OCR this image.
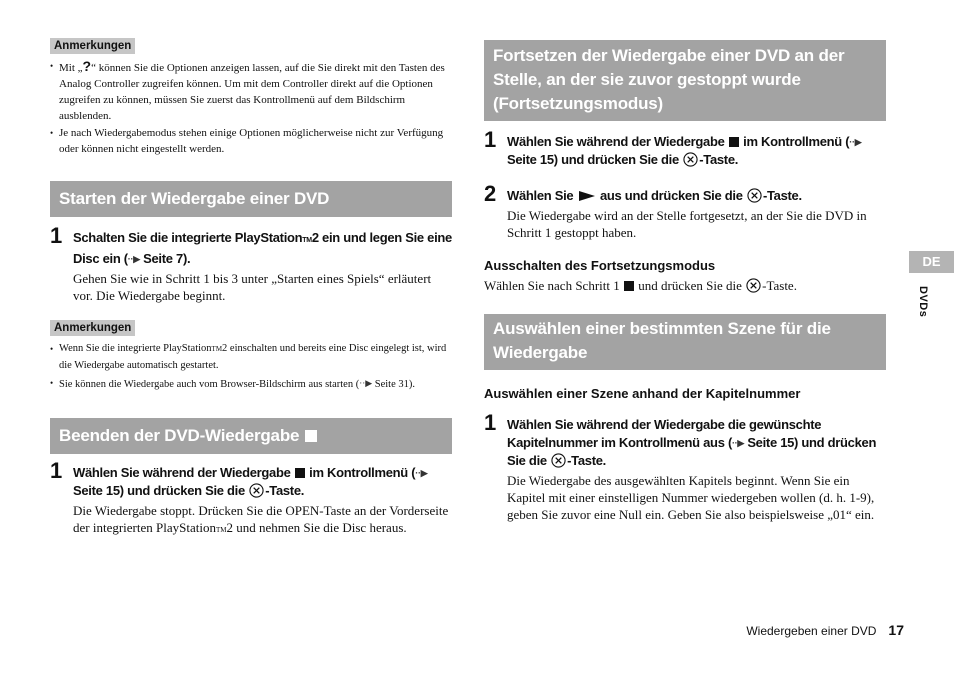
Anmerkungen
• Mit „?“ können Sie die Optionen anzeigen lassen, auf die Sie direkt mit den Tasten des Analog Controller zugreifen können. Um mit dem Controller direkt auf die Optionen zugreifen zu können, müssen Sie zuerst das Kontrollmenü auf dem Bildschirm ausblenden.
• Je nach Wiedergabemodus stehen einige Optionen möglicherweise nicht zur Verfügung oder können nicht eingestellt werden.
Starten der Wiedergabe einer DVD
1 Schalten Sie die integrierte PlayStationTM2 ein und legen Sie eine Disc ein (··▶ Seite 7).
Gehen Sie wie in Schritt 1 bis 3 unter „Starten eines Spiels“ erläutert vor. Die Wiedergabe beginnt.
Anmerkungen
• Wenn Sie die integrierte PlayStationTM2 einschalten und bereits eine Disc eingelegt ist, wird die Wiedergabe automatisch gestartet.
• Sie können die Wiedergabe auch vom Browser-Bildschirm aus starten (··▶ Seite 31).
Beenden der DVD-Wiedergabe
1 Wählen Sie während der Wiedergabe im Kontrollmenü (··▶ Seite 15) und drücken Sie die -Taste.
Die Wiedergabe stoppt. Drücken Sie die OPEN-Taste an der Vorderseite der integrierten PlayStationTM2 und nehmen Sie die Disc heraus.
Fortsetzen der Wiedergabe einer DVD an der Stelle, an der sie zuvor gestoppt wurde (Fortsetzungsmodus)
1 Wählen Sie während der Wiedergabe im Kontrollmenü (··▶ Seite 15) und drücken Sie die -Taste.
2 Wählen Sie aus und drücken Sie die -Taste.
Die Wiedergabe wird an der Stelle fortgesetzt, an der Sie die DVD in Schritt 1 gestoppt haben.
Ausschalten des Fortsetzungsmodus
Wählen Sie nach Schritt 1 und drücken Sie die -Taste.
Auswählen einer bestimmten Szene für die Wiedergabe
Auswählen einer Szene anhand der Kapitelnummer
1 Wählen Sie während der Wiedergabe die gewünschte Kapitelnummer im Kontrollmenü aus (··▶ Seite 15) und drücken Sie die -Taste.
Die Wiedergabe des ausgewählten Kapitels beginnt. Wenn Sie ein Kapitel mit einer einstelligen Nummer wiedergeben wollen (d. h. 1-9), geben Sie zuvor eine Null ein. Geben Sie also beispielsweise „01“ ein.
DE
DVDs
Wiedergeben einer DVD 17
